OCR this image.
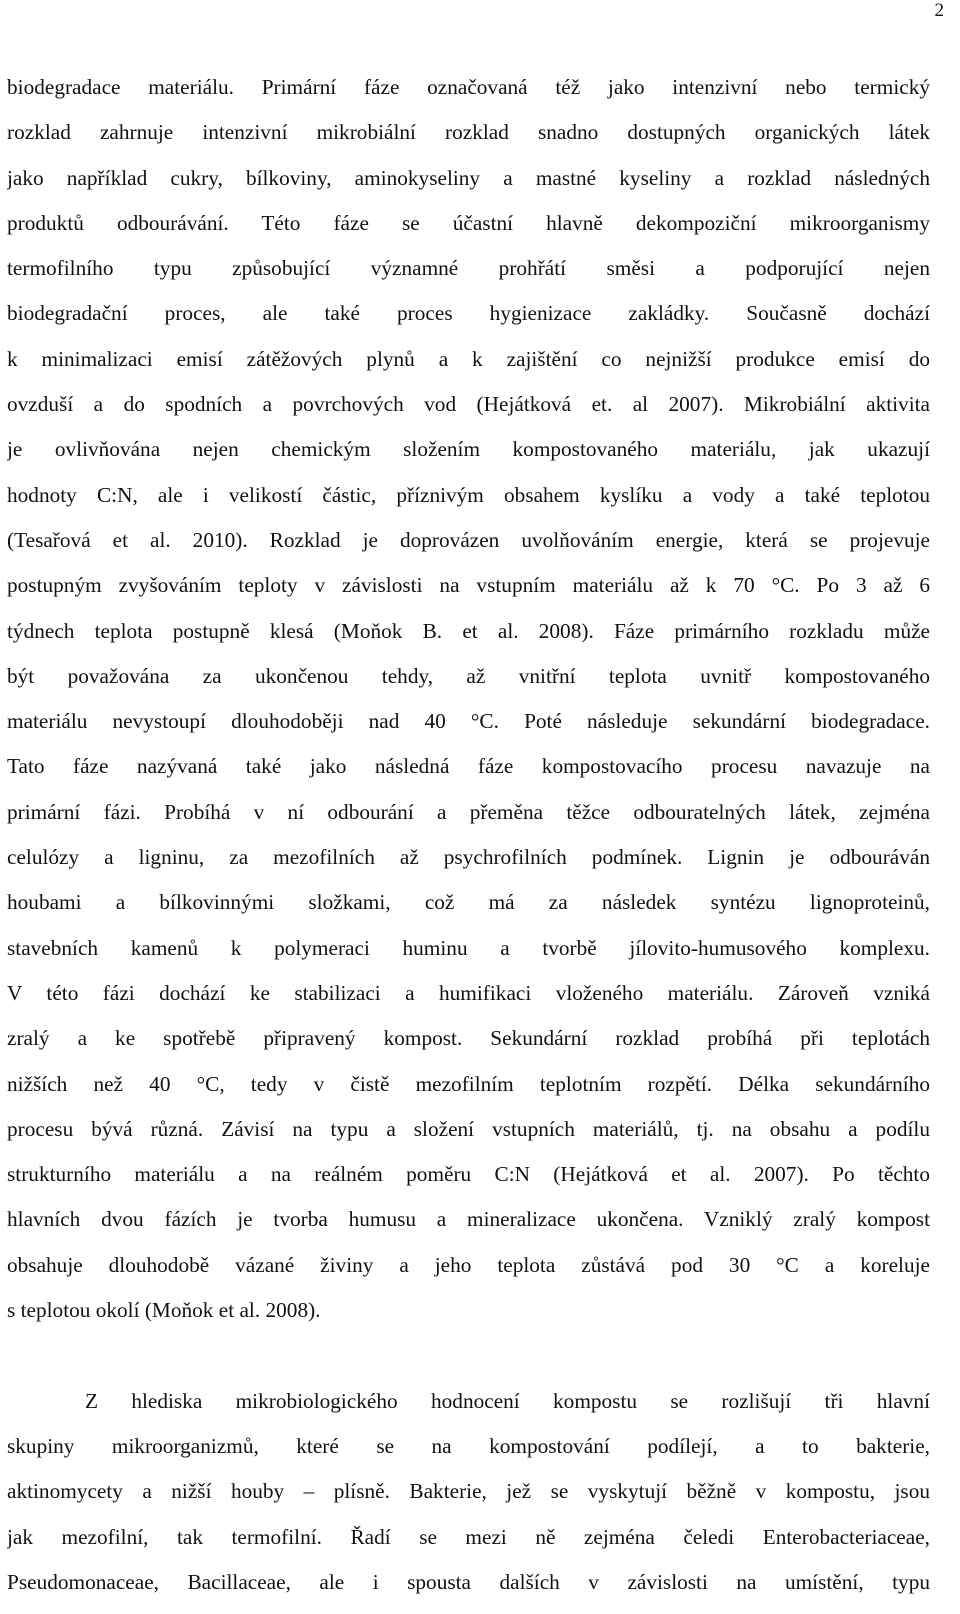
2
biodegradace materiálu. Primární fáze označovaná též jako intenzivní nebo termický
rozklad zahrnuje intenzivní mikrobiální rozklad snadno dostupných organických látek
jako například cukry, bílkoviny, aminokyseliny a mastné kyseliny a rozklad následných
produktů odbourávání. Této fáze se účastní hlavně dekompoziční mikroorganismy
termofilního typu způsobující významné prohřátí směsi a podporující nejen
biodegradační proces, ale také proces hygienizace zakládky. Současně dochází
k minimalizaci emisí zátěžových plynů a k zajištění co nejnižší produkce emisí do
ovzduší a do spodních a povrchových vod (Hejátková et. al 2007). Mikrobiální aktivita
je ovlivňována nejen chemickým složením kompostovaného materiálu, jak ukazují
hodnoty C:N, ale i velikostí částic, příznivým obsahem kyslíku a vody a také teplotou
(Tesařová et al. 2010). Rozklad je doprovázen uvolňováním energie, která se projevuje
postupným zvyšováním teploty v závislosti na vstupním materiálu až k 70 °C. Po 3 až 6
týdnech teplota postupně klesá (Moňok B. et al. 2008). Fáze primárního rozkladu může
být považována za ukončenou tehdy, až vnitřní teplota uvnitř kompostovaného
materiálu nevystoupí dlouhodoběji nad 40 °C. Poté následuje sekundární biodegradace.
Tato fáze nazývaná také jako následná fáze kompostovacího procesu navazuje na
primární fázi. Probíhá v ní odbourání a přeměna těžce odbouratelných látek, zejména
celulózy a ligninu, za mezofilních až psychrofilních podmínek. Lignin je odbouráván
houbami a bílkovinnými složkami, což má za následek syntézu lignoproteinů,
stavebních kamenů k polymeraci huminu a tvorbě jílovito-humusového komplexu.
V této fázi dochází ke stabilizaci a humifikaci vloženého materiálu. Zároveň vzniká
zralý a ke spotřebě připravený kompost. Sekundární rozklad probíhá při teplotách
nižších než 40 °C, tedy v čistě mezofilním teplotním rozpětí. Délka sekundárního
procesu bývá různá. Závisí na typu a složení vstupních materiálů, tj. na obsahu a podílu
strukturního materiálu a na reálném poměru C:N (Hejátková et al. 2007). Po těchto
hlavních dvou fázích je tvorba humusu a mineralizace ukončena. Vzniklý zralý kompost
obsahuje dlouhodobě vázané živiny a jeho teplota zůstává pod 30 °C a koreluje
s teplotou okolí (Moňok et al. 2008).
Z hlediska mikrobiologického hodnocení kompostu se rozlišují tři hlavní
skupiny mikroorganizmů, které se na kompostování podílejí, a to bakterie,
aktinomycety a nižší houby – plísně. Bakterie, jež se vyskytují běžně v kompostu, jsou
jak mezofilní, tak termofilní. Řadí se mezi ně zejména čeledi Enterobacteriaceae,
Pseudomonaceae, Bacillaceae, ale i spousta dalších v závislosti na umístění, typu
